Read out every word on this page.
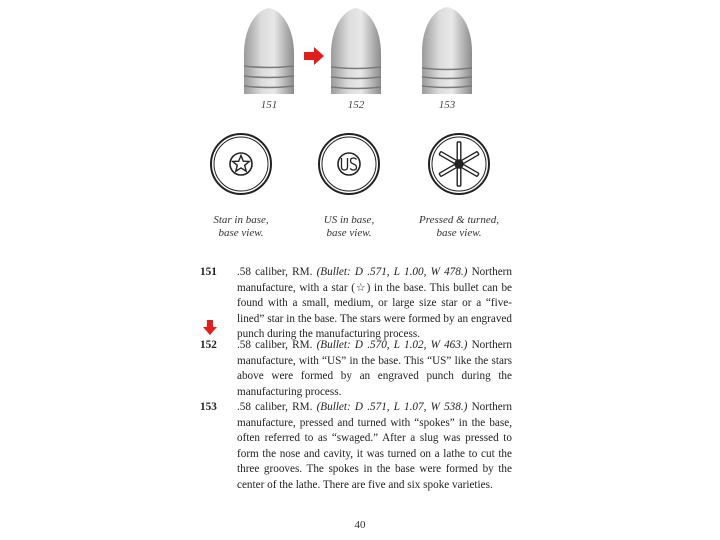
151	152	153
Star in base,
base view.
US in base,
base view.
Pressed & turned,
base view.
151 .58 caliber, RM. (Bullet: D .571, L 1.00, W 478.) Northern manufacture, with a star (☆) in the base. This bullet can be found with a small, medium, or large size star or a “five-lined” star in the base. The stars were formed by an engraved punch during the manufacturing process.
152 .58 caliber, RM. (Bullet: D .570, L 1.02, W 463.) Northern manufacture, with “US” in the base. This “US” like the stars above were formed by an engraved punch during the manufacturing process.
153 .58 caliber, RM. (Bullet: D .571, L 1.07, W 538.) Northern manufacture, pressed and turned with “spokes” in the base, often referred to as “swaged.” After a slug was pressed to form the nose and cavity, it was turned on a lathe to cut the three grooves. The spokes in the base were formed by the center of the lathe. There are five and six spoke varieties.
40
